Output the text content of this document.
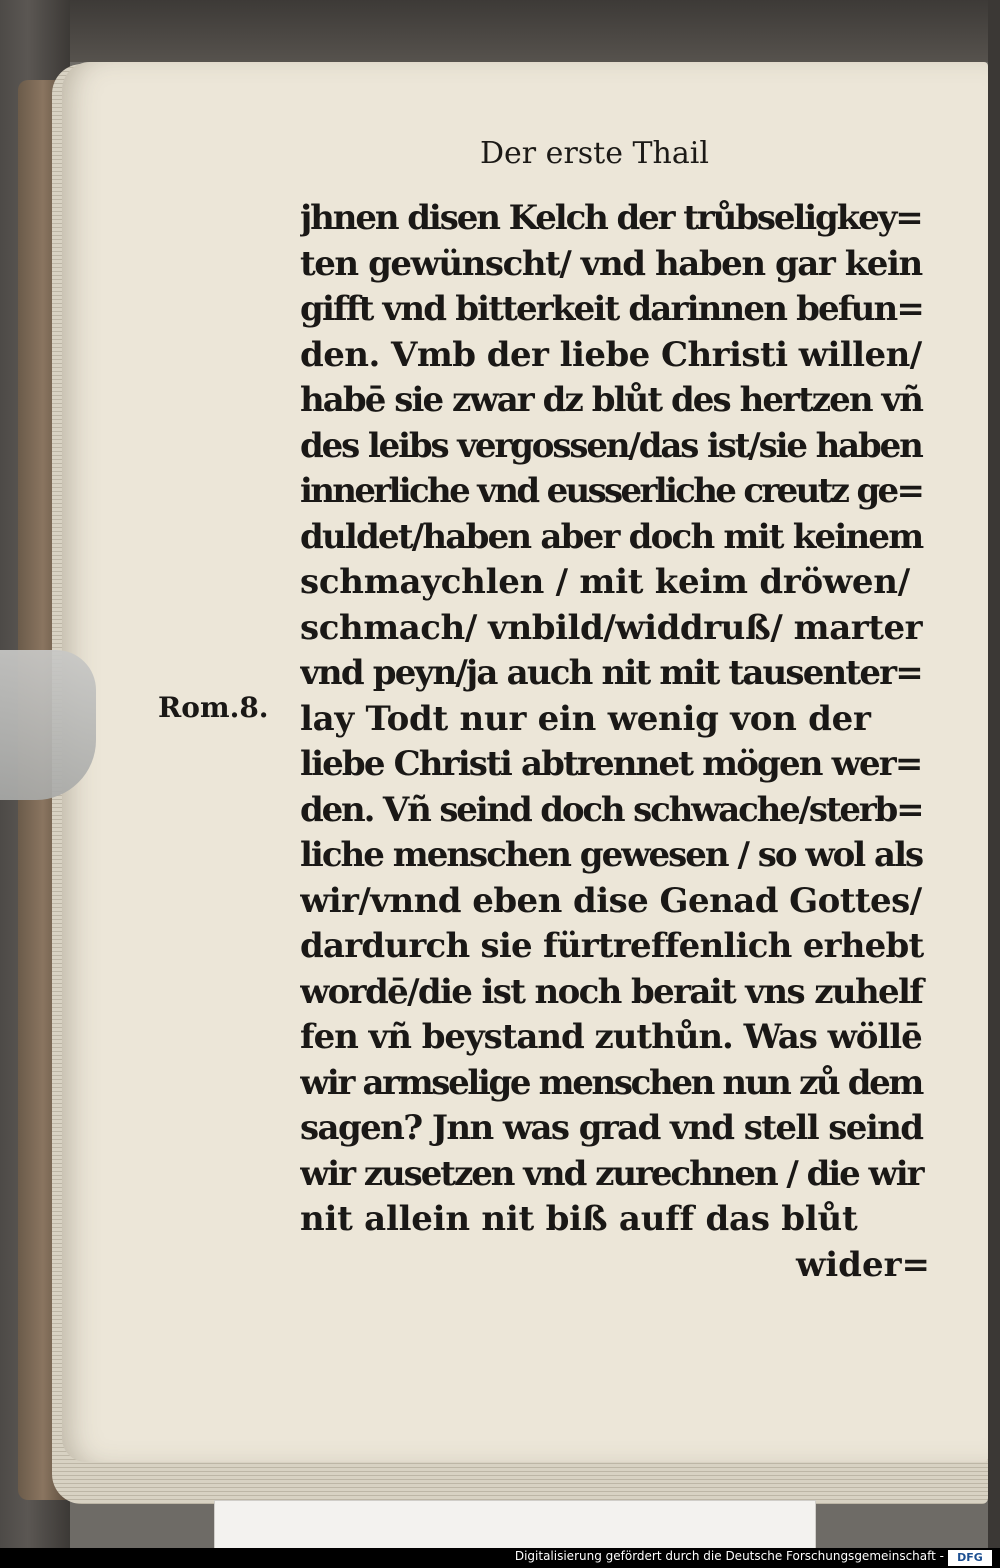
Der erste Thail
Rom.8.
jhnen disen Kelch der trůbseligkey=
ten gewünscht/ vnd haben gar kein
gifft vnd bitterkeit darinnen befun=
den. Vmb der liebe Christi willen/
habē sie zwar dz blůt des hertzen vñ
des leibs vergossen/das ist/sie haben
innerliche vnd eusserliche creutz ge=
duldet/haben aber doch mit keinem
schmaychlen / mit keim dröwen/
schmach/ vnbild/widdruß/ marter
vnd peyn/ja auch nit mit tausenter=
lay Todt nur ein wenig von der
liebe Christi abtrennet mögen wer=
den. Vñ seind doch schwache/sterb=
liche menschen gewesen / so wol als
wir/vnnd eben dise Genad Gottes/
dardurch sie fürtreffenlich erhebt
wordē/die ist noch berait vns zuhelf
fen vñ beystand zuthůn. Was wöllē
wir armselige menschen nun zů dem
sagen? Jnn was grad vnd stell seind
wir zusetzen vnd zurechnen / die wir
nit allein nit biß auff das blůt
wider=
Digitalisierung gefördert durch die Deutsche Forschungsgemeinschaft -	DFG
